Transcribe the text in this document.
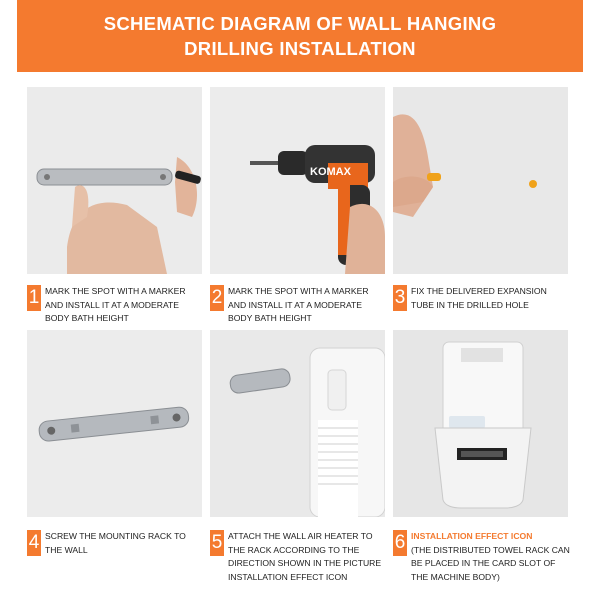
SCHEMATIC DIAGRAM OF WALL HANGING
DRILLING INSTALLATION
KOMAX
1 MARK THE SPOT WITH A MARKER AND INSTALL IT AT A MODERATE BODY BATH HEIGHT
2 MARK THE SPOT WITH A MARKER AND INSTALL IT AT A MODERATE BODY BATH HEIGHT
3 FIX THE DELIVERED EXPANSION TUBE IN THE DRILLED HOLE
4 SCREW THE MOUNTING RACK TO THE WALL	5 ATTACH THE WALL AIR HEATER TO THE RACK ACCORDING TO THE DIRECTION SHOWN IN THE PICTURE INSTALLATION EFFECT ICON
6 INSTALLATION EFFECT ICON
(THE DISTRIBUTED TOWEL RACK CAN BE PLACED IN THE CARD SLOT OF THE MACHINE BODY)
